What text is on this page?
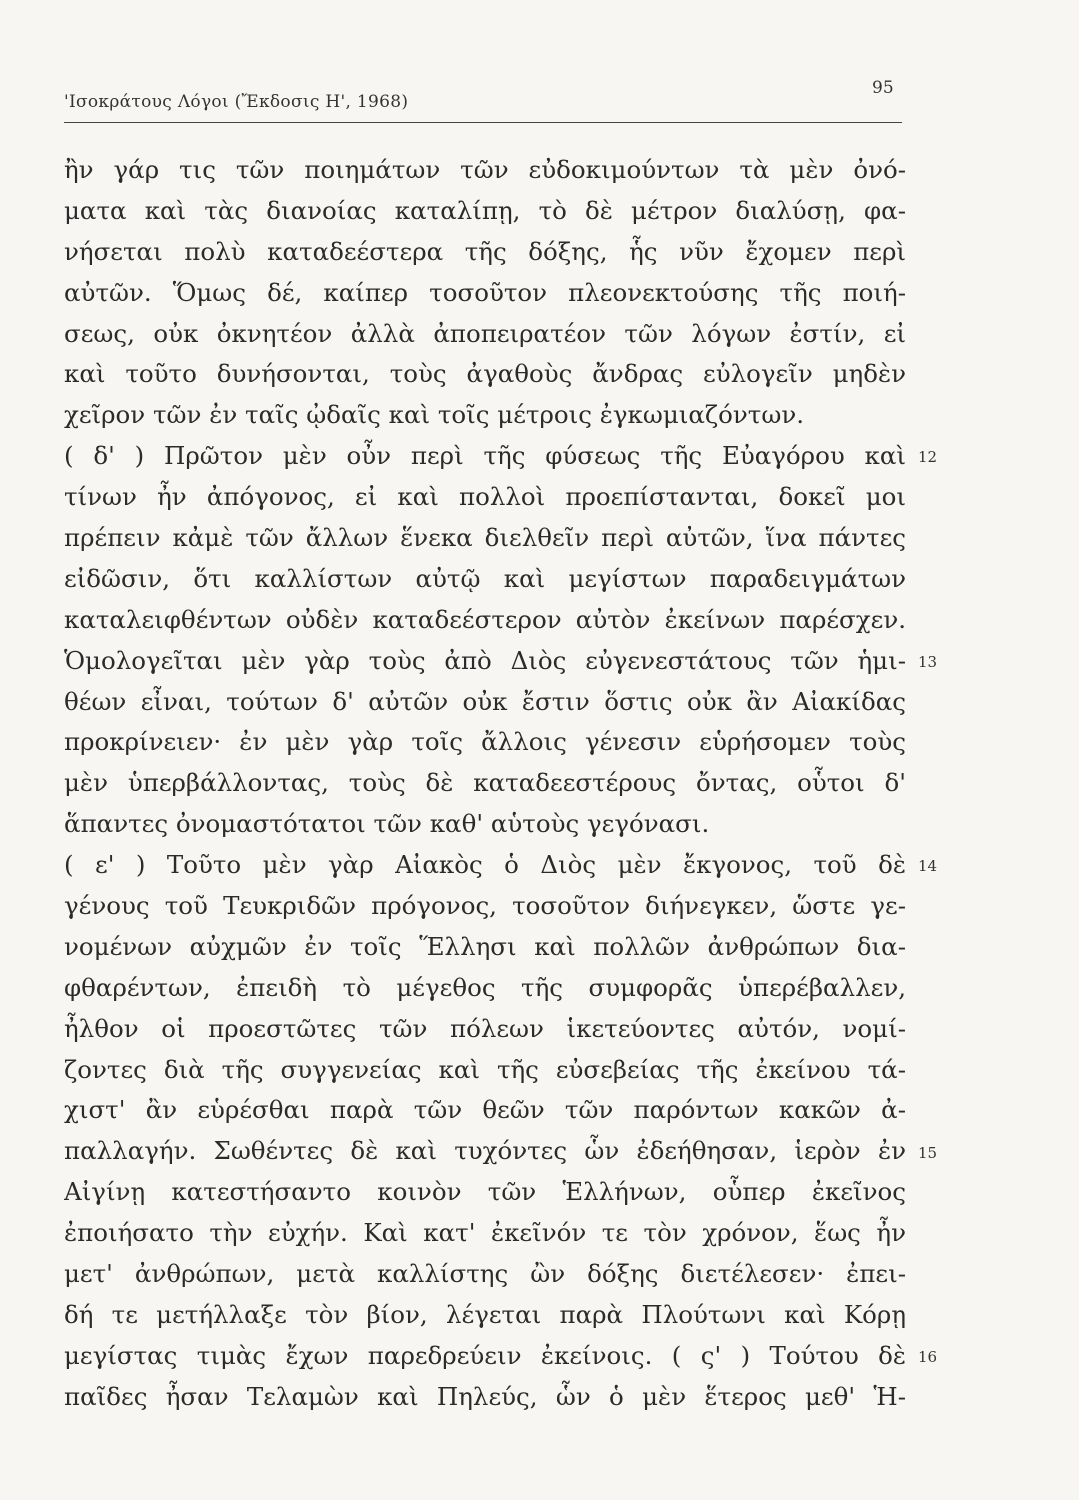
'Ισοκράτους Λόγοι (Ἔκδοσις Η', 1968)
95
ἢν γάρ τις τῶν ποιημάτων τῶν εὐδοκιμούντων τὰ μὲν ὀνό-
ματα καὶ τὰς διανοίας καταλίπῃ, τὸ δὲ μέτρον διαλύσῃ, φα-
νήσεται πολὺ καταδεέστερα τῆς δόξης, ἧς νῦν ἔχομεν περὶ
αὐτῶν. Ὅμως δέ, καίπερ τοσοῦτον πλεονεκτούσης τῆς ποιή-
σεως, οὐκ ὀκνητέον ἀλλὰ ἀποπειρατέον τῶν λόγων ἐστίν, εἰ
καὶ τοῦτο δυνήσονται, τοὺς ἀγαθοὺς ἄνδρας εὐλογεῖν μηδὲν
χεῖρον τῶν ἐν ταῖς ᾠδαῖς καὶ τοῖς μέτροις ἐγκωμιαζόντων.
( δ' ) Πρῶτον μὲν οὖν περὶ τῆς φύσεως τῆς Εὐαγόρου καὶ
τίνων ἦν ἀπόγονος, εἰ καὶ πολλοὶ προεπίστανται, δοκεῖ μοι
πρέπειν κἀμὲ τῶν ἄλλων ἕνεκα διελθεῖν περὶ αὐτῶν, ἵνα πάντες
εἰδῶσιν, ὅτι καλλίστων αὐτῷ καὶ μεγίστων παραδειγμάτων
καταλειφθέντων οὐδὲν καταδεέστερον αὐτὸν ἐκείνων παρέσχεν.
Ὁμολογεῖται μὲν γὰρ τοὺς ἀπὸ Διὸς εὐγενεστάτους τῶν ἡμι-
θέων εἶναι, τούτων δ' αὐτῶν οὐκ ἔστιν ὅστις οὐκ ἂν Αἰακίδας
προκρίνειεν· ἐν μὲν γὰρ τοῖς ἄλλοις γένεσιν εὑρήσομεν τοὺς
μὲν ὑπερβάλλοντας, τοὺς δὲ καταδεεστέρους ὄντας, οὗτοι δ'
ἅπαντες ὀνομαστότατοι τῶν καθ' αὑτοὺς γεγόνασι.
( ε' ) Τοῦτο μὲν γὰρ Αἰακὸς ὁ Διὸς μὲν ἔκγονος, τοῦ δὲ
γένους τοῦ Τευκριδῶν πρόγονος, τοσοῦτον διήνεγκεν, ὥστε γε-
νομένων αὐχμῶν ἐν τοῖς Ἕλλησι καὶ πολλῶν ἀνθρώπων δια-
φθαρέντων, ἐπειδὴ τὸ μέγεθος τῆς συμφορᾶς ὑπερέβαλλεν,
ἦλθον οἱ προεστῶτες τῶν πόλεων ἱκετεύοντες αὐτόν, νομί-
ζοντες διὰ τῆς συγγενείας καὶ τῆς εὐσεβείας τῆς ἐκείνου τά-
χιστ' ἂν εὑρέσθαι παρὰ τῶν θεῶν τῶν παρόντων κακῶν ἀ-
παλλαγήν. Σωθέντες δὲ καὶ τυχόντες ὧν ἐδεήθησαν, ἱερὸν ἐν
Αἰγίνῃ κατεστήσαντο κοινὸν τῶν Ἑλλήνων, οὗπερ ἐκεῖνος
ἐποιήσατο τὴν εὐχήν. Καὶ κατ' ἐκεῖνόν τε τὸν χρόνον, ἕως ἦν
μετ' ἀνθρώπων, μετὰ καλλίστης ὢν δόξης διετέλεσεν· ἐπει-
δή τε μετήλλαξε τὸν βίον, λέγεται παρὰ Πλούτωνι καὶ Κόρῃ
μεγίστας τιμὰς ἔχων παρεδρεύειν ἐκείνοις. ( ς' ) Τούτου δὲ
παῖδες ἦσαν Τελαμὼν καὶ Πηλεύς, ὧν ὁ μὲν ἕτερος μεθ' Ἡ-
12
13
14
15
16
